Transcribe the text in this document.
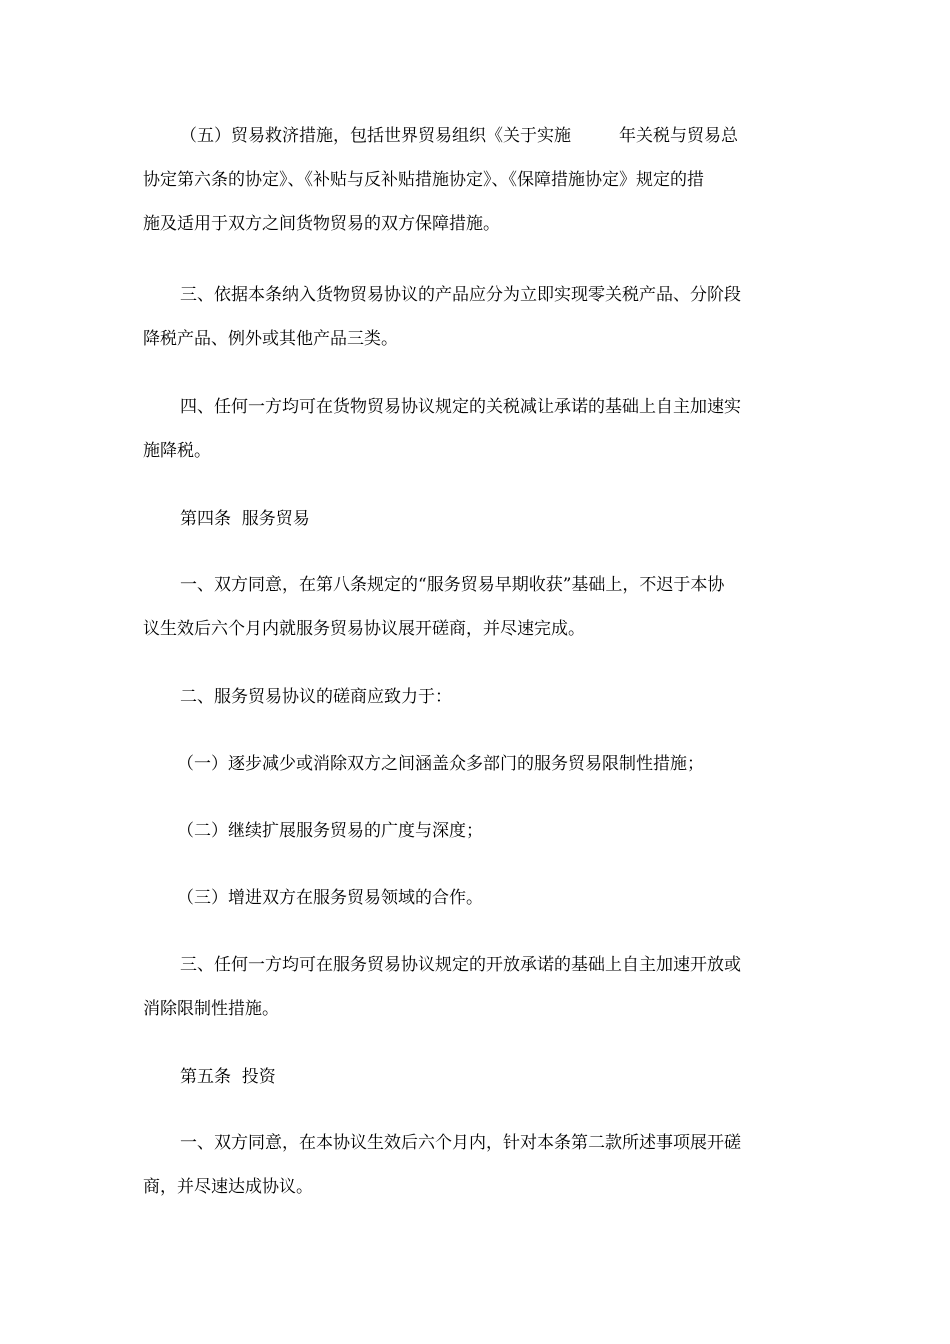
（五）贸易救济措施，包括世界贸易组织《关于实施	年关税与贸易总
协定第六条的协定》、《补贴与反补贴措施协定》、《保障措施协定》规定的措
施及适用于双方之间货物贸易的双方保障措施。
三、依据本条纳入货物贸易协议的产品应分为立即实现零关税产品、分阶段
降税产品、例外或其他产品三类。
四、任何一方均可在货物贸易协议规定的关税减让承诺的基础上自主加速实
施降税。
第四条  服务贸易
一、双方同意，在第八条规定的“服务贸易早期收获”基础上，不迟于本协
议生效后六个月内就服务贸易协议展开磋商，并尽速完成。
二、服务贸易协议的磋商应致力于：
（一）逐步减少或消除双方之间涵盖众多部门的服务贸易限制性措施；
（二）继续扩展服务贸易的广度与深度；
（三）增进双方在服务贸易领域的合作。
三、任何一方均可在服务贸易协议规定的开放承诺的基础上自主加速开放或
消除限制性措施。
第五条  投资
一、双方同意，在本协议生效后六个月内，针对本条第二款所述事项展开磋
商，并尽速达成协议。
